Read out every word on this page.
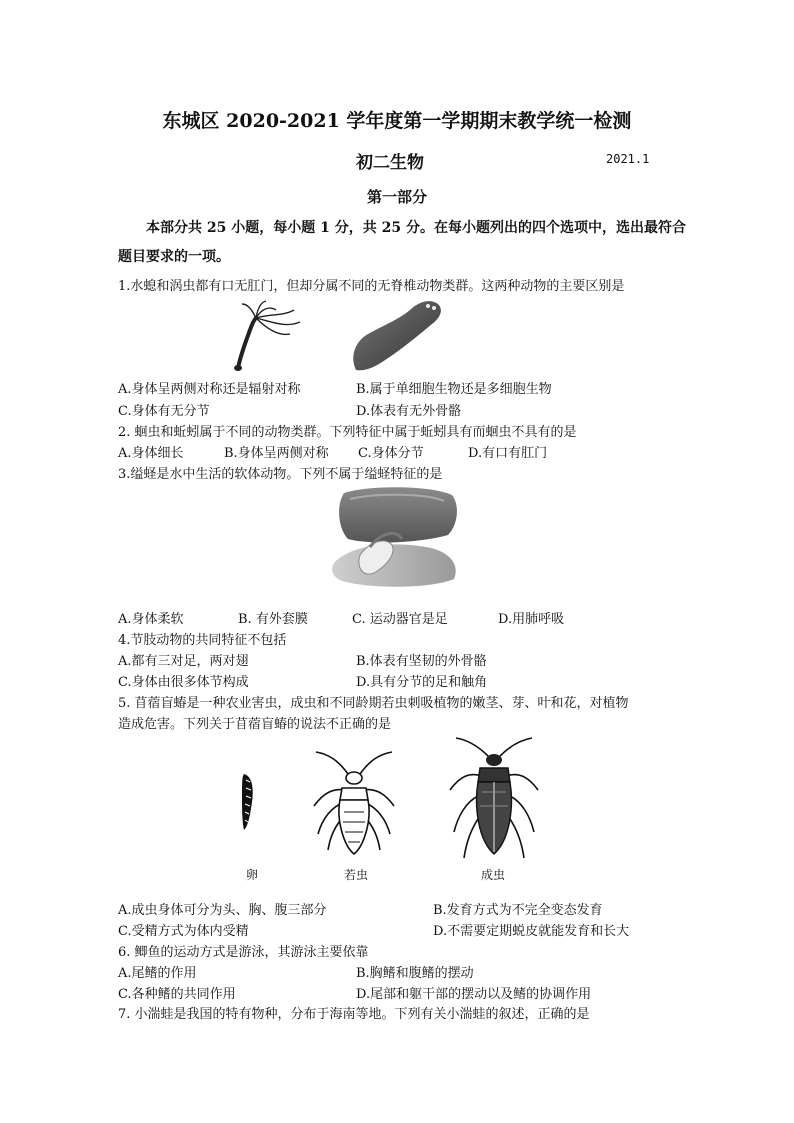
东城区 2020-2021 学年度第一学期期末教学统一检测
初二生物	2021.1
第一部分
本部分共 25 小题，每小题 1 分，共 25 分。在每小题列出的四个选项中，选出最符合
题目要求的一项。
1.水螅和涡虫都有口无肛门，但却分属不同的无脊椎动物类群。这两种动物的主要区别是
A.身体呈两侧对称还是辐射对称	B.属于单细胞生物还是多细胞生物
C.身体有无分节	D.体表有无外骨骼
2. 蛔虫和蚯蚓属于不同的动物类群。下列特征中属于蚯蚓具有而蛔虫不具有的是
A.身体细长	B.身体呈两侧对称 C.身体分节	D.有口有肛门
3.缢蛏是水中生活的软体动物。下列不属于缢蛏特征的是
A.身体柔软	B. 有外套膜	C. 运动器官是足	D.用肺呼吸
4.节肢动物的共同特征不包括
A.都有三对足，两对翅	B.体表有坚韧的外骨骼
C.身体由很多体节构成	D.具有分节的足和触角
5. 苜蓿盲蝽是一种农业害虫，成虫和不同龄期若虫刺吸植物的嫩茎、芽、叶和花，对植物
造成危害。下列关于苜蓿盲蝽的说法不正确的是
卵	若虫	成虫
A.成虫身体可分为头、胸、腹三部分	B.发育方式为不完全变态发育
C.受精方式为体内受精	D.不需要定期蜕皮就能发育和长大
6. 鲫鱼的运动方式是游泳，其游泳主要依靠
A.尾鳍的作用	B.胸鳍和腹鳍的摆动
C.各种鳍的共同作用	D.尾部和躯干部的摆动以及鳍的协调作用
7. 小湍蛙是我国的特有物种，分布于海南等地。下列有关小湍蛙的叙述，正确的是
